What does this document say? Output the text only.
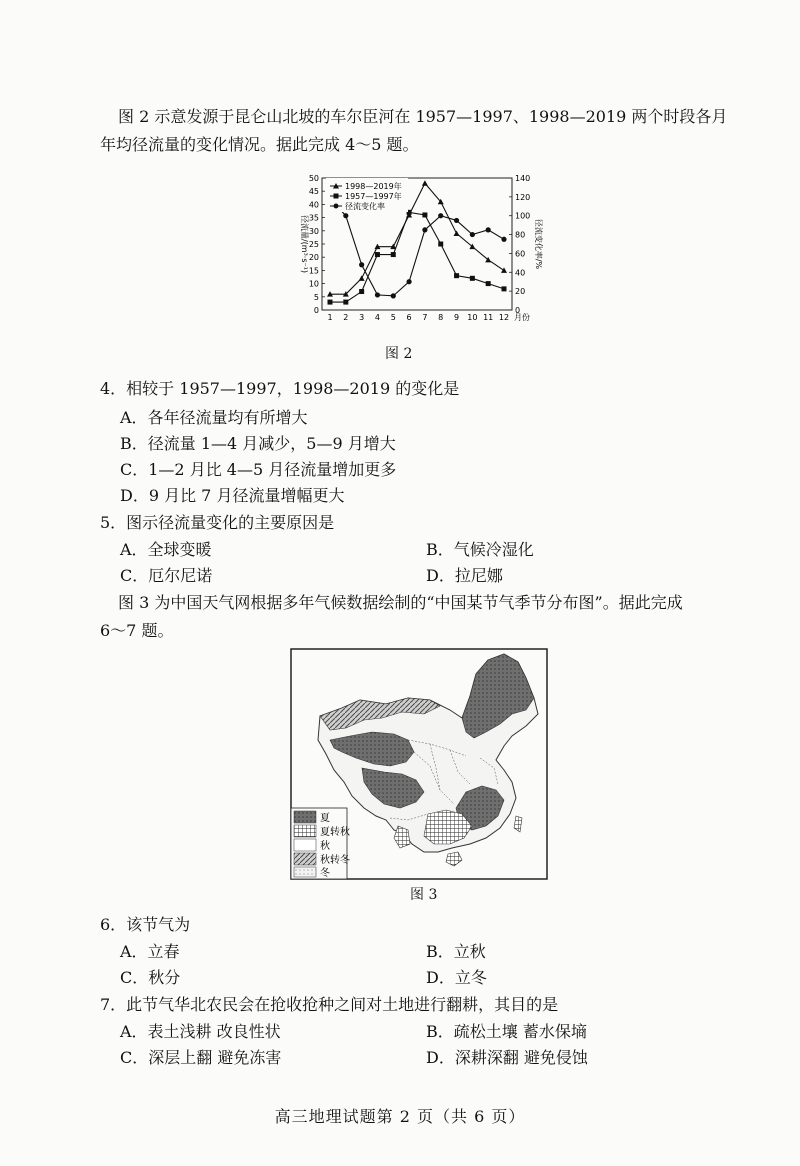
图 2 示意发源于昆仑山北坡的车尔臣河在 1957—1997、1998—2019 两个时段各月
年均径流量的变化情况。据此完成 4～5 题。
0
5
10
15
20
25
30
35
40
45
50
0
20
40
60
80
100
120
140
1 2 3 4 5 6 7 8 9 10 11 12 月份
径流量/(m³·s⁻¹)	径流变化率/%
1998—2019年
1957—1997年
径流变化率
图 2
4．相较于 1957—1997，1998—2019 的变化是
A．各年径流量均有所增大
B．径流量 1—4 月减少，5—9 月增大
C．1—2 月比 4—5 月径流量增加更多
D．9 月比 7 月径流量增幅更大
5．图示径流量变化的主要原因是
A．全球变暖	B．气候冷湿化
C．厄尔尼诺	D．拉尼娜
图 3 为中国天气网根据多年气候数据绘制的“中国某节气季节分布图”。据此完成
6～7 题。
夏
夏转秋
秋
秋转冬
冬
图 3
6．该节气为
A．立春	B．立秋
C．秋分	D．立冬
7．此节气华北农民会在抢收抢种之间对土地进行翻耕，其目的是
A．表土浅耕 改良性状	B．疏松土壤 蓄水保墒
C．深层上翻 避免冻害	D．深耕深翻 避免侵蚀
高三地理试题第 2 页（共 6 页）
